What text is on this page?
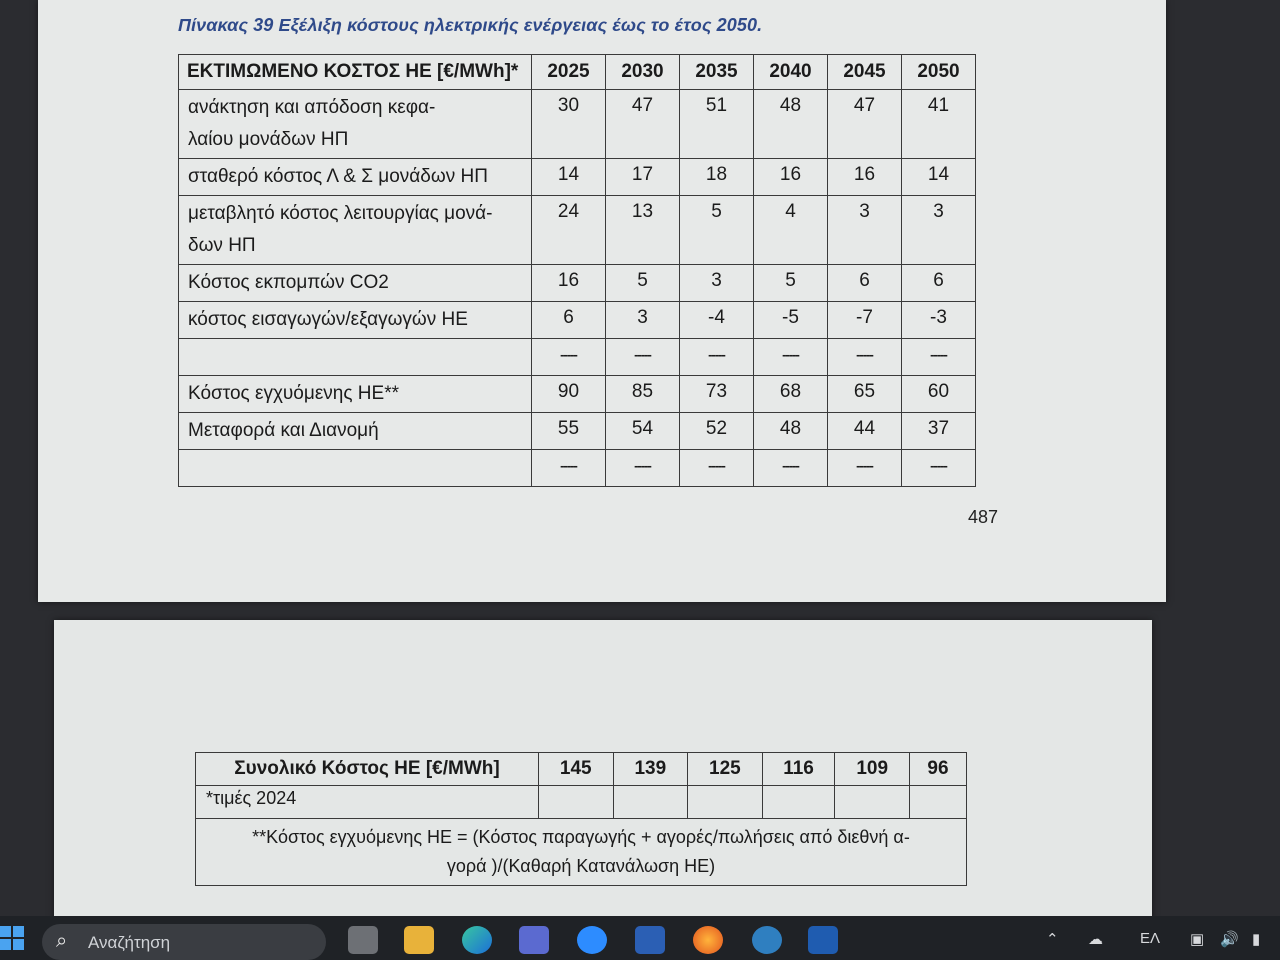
Πίνακας 39 Εξέλιξη κόστους ηλεκτρικής ενέργειας έως το έτος 2050.
ΕΚΤΙΜΩΜΕΝΟ ΚΟΣΤΟΣ ΗΕ [€/MWh]*	2025	2030	2035	2040	2045	2050
ανάκτηση και απόδοση κεφα-
λαίου μονάδων ΗΠ	30	47	51	48	47	41
σταθερό κόστος Λ & Σ μονάδων ΗΠ	14	17	18	16	16	14
μεταβλητό κόστος λειτουργίας μονά-
δων ΗΠ	24	13	5	4	3	3
Κόστος εκπομπών CO2	16	5	3	5	6	6
κόστος εισαγωγών/εξαγωγών ΗΕ	6	3	-4	-5	-7	-3
	-----	-----	-----	-----	-----	-----
Κόστος εγχυόμενης ΗΕ**	90	85	73	68	65	60
Μεταφορά και Διανομή	55	54	52	48	44	37
	-----	-----	-----	-----	-----	-----
487
Συνολικό Κόστος ΗΕ [€/MWh]	145	139	125	116	109	96
*τιμές 2024						
**Κόστος εγχυόμενης ΗΕ = (Κόστος παραγωγής + αγορές/πωλήσεις από διεθνή α-
γορά )/(Καθαρή Κατανάλωση ΗΕ)						
⌕ Αναζήτηση	⌃ ☁ ΕΛ ▣ 🔊 ▮
